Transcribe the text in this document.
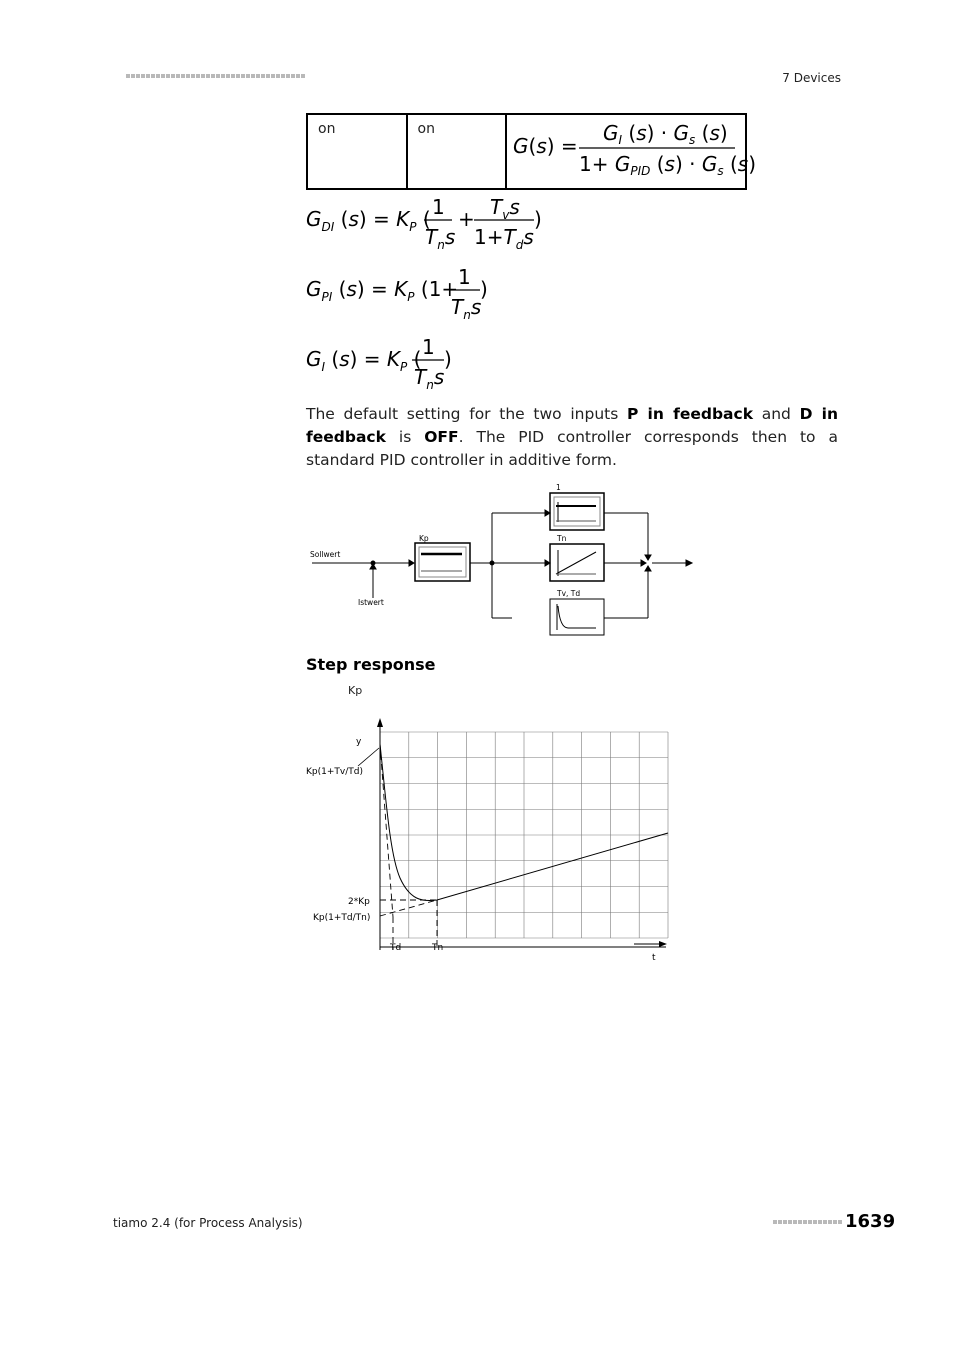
7 Devices
on	on	
G(s) =
$G_I$ $(s) \cdot G_s$ (s)
$1+ G_{PID}$ $(s) \cdot G_s$ (s)
$G_{DI}$ $(s) = K_P$ ( 1
$T_ns$
+ $T_vs$
$1+T_ds$
)
$G_{PI}$ $(s) = K_P$ (1+ 1
$T_ns$
)
$G_I$ $(s) = K_P$ ( 1
$T_ns$
)
The default setting for the two inputs P in feedback and D in feedback is OFF. The PID controller corresponds then to a standard PID controller in additive form.
Sollwert
Istwert
Kp
1
Tn
Tv, Td
Step response
Kp
y
t
Kp(1+Tv/Td)
2*Kp
Kp(1+Td/Tn)
Td	Tn
tiamo 2.4 (for Process Analysis)	1639
